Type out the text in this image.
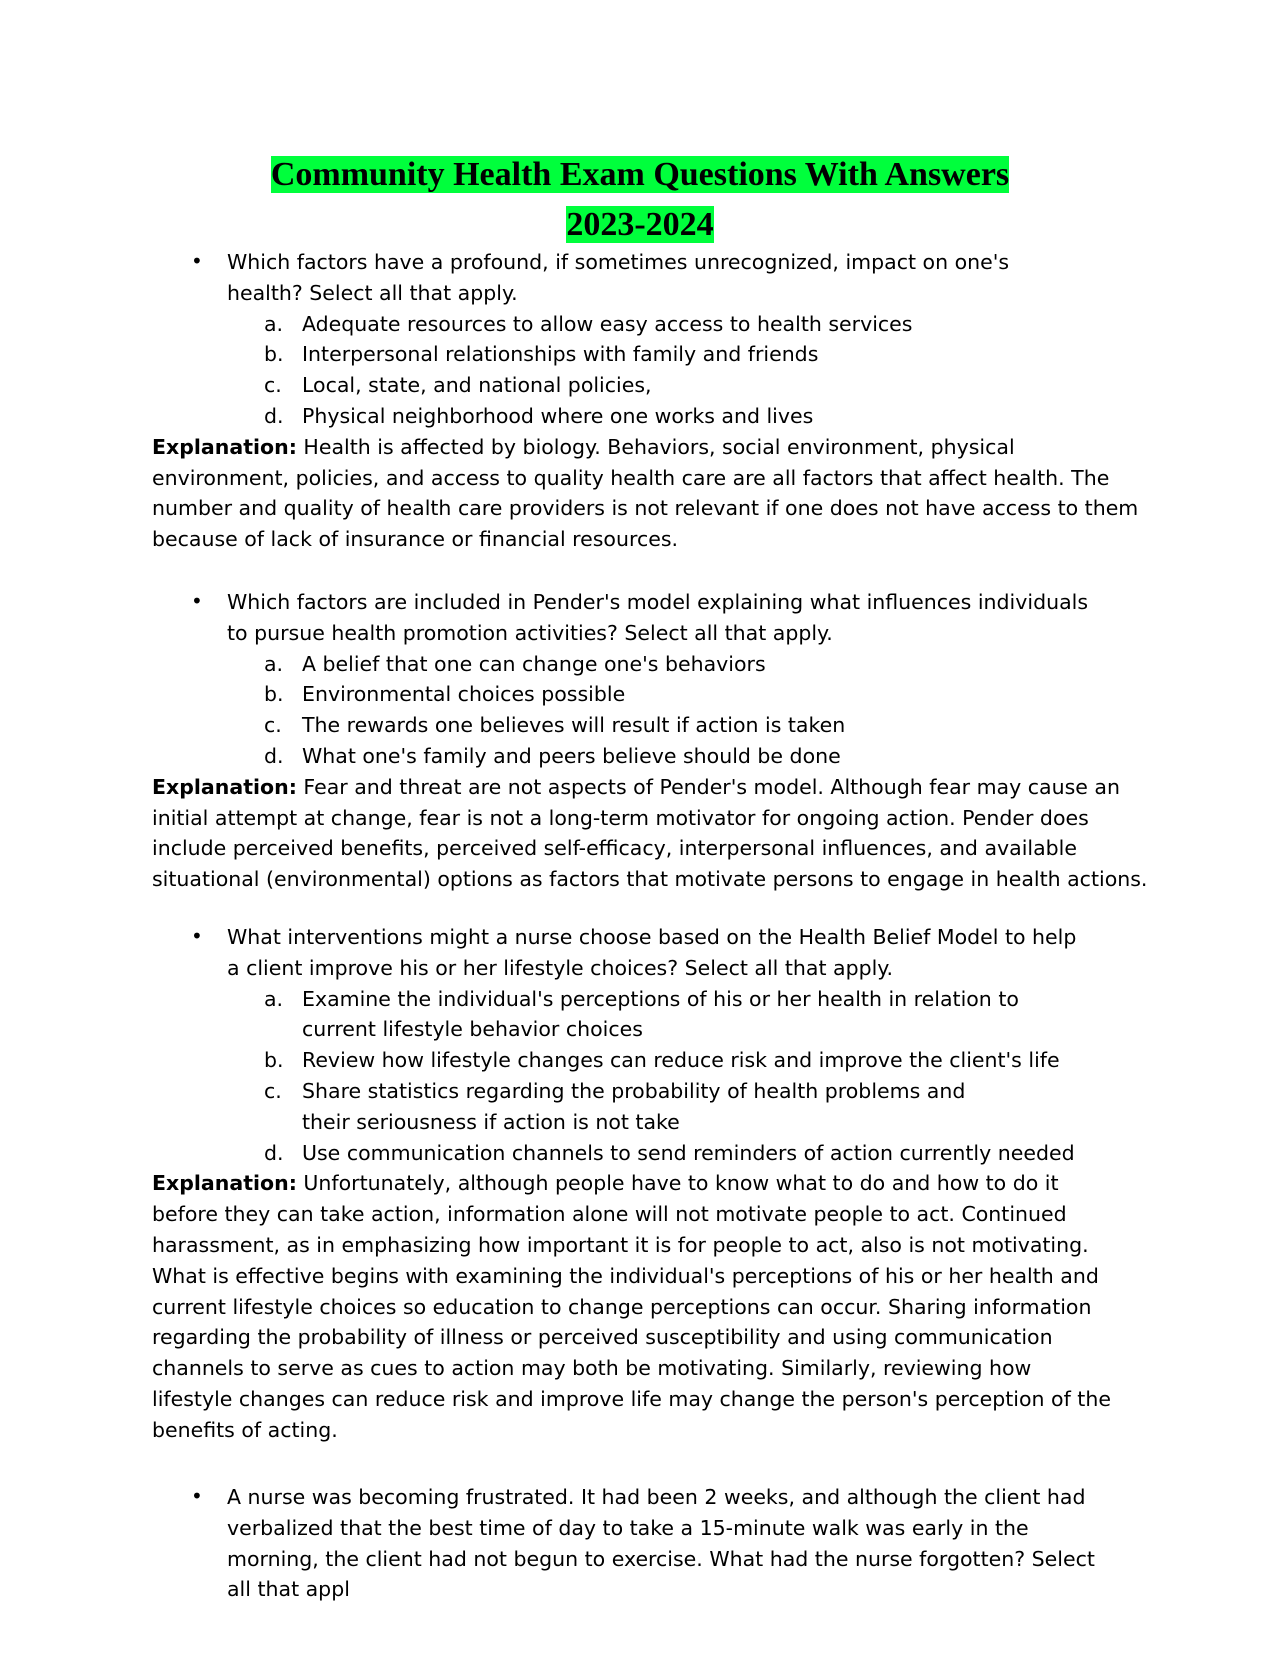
Community Health Exam Questions With Answers
2023-2024
• Which factors have a profound, if sometimes unrecognized, impact on one's
health? Select all that apply.
a. Adequate resources to allow easy access to health services
b. Interpersonal relationships with family and friends
c. Local, state, and national policies,
d. Physical neighborhood where one works and lives
Explanation: Health is affected by biology. Behaviors, social environment, physical
environment, policies, and access to quality health care are all factors that affect health. The
number and quality of health care providers is not relevant if one does not have access to them
because of lack of insurance or financial resources.
• Which factors are included in Pender's model explaining what influences individuals
to pursue health promotion activities? Select all that apply.
a. A belief that one can change one's behaviors
b. Environmental choices possible
c. The rewards one believes will result if action is taken
d. What one's family and peers believe should be done
Explanation: Fear and threat are not aspects of Pender's model. Although fear may cause an
initial attempt at change, fear is not a long-term motivator for ongoing action. Pender does
include perceived benefits, perceived self-efficacy, interpersonal influences, and available
situational (environmental) options as factors that motivate persons to engage in health actions.
• What interventions might a nurse choose based on the Health Belief Model to help
a client improve his or her lifestyle choices? Select all that apply.
a. Examine the individual's perceptions of his or her health in relation to
current lifestyle behavior choices
b. Review how lifestyle changes can reduce risk and improve the client's life
c. Share statistics regarding the probability of health problems and
their seriousness if action is not take
d. Use communication channels to send reminders of action currently needed
Explanation: Unfortunately, although people have to know what to do and how to do it
before they can take action, information alone will not motivate people to act. Continued
harassment, as in emphasizing how important it is for people to act, also is not motivating.
What is effective begins with examining the individual's perceptions of his or her health and
current lifestyle choices so education to change perceptions can occur. Sharing information
regarding the probability of illness or perceived susceptibility and using communication
channels to serve as cues to action may both be motivating. Similarly, reviewing how
lifestyle changes can reduce risk and improve life may change the person's perception of the
benefits of acting.
• A nurse was becoming frustrated. It had been 2 weeks, and although the client had
verbalized that the best time of day to take a 15-minute walk was early in the
morning, the client had not begun to exercise. What had the nurse forgotten? Select
all that appl
